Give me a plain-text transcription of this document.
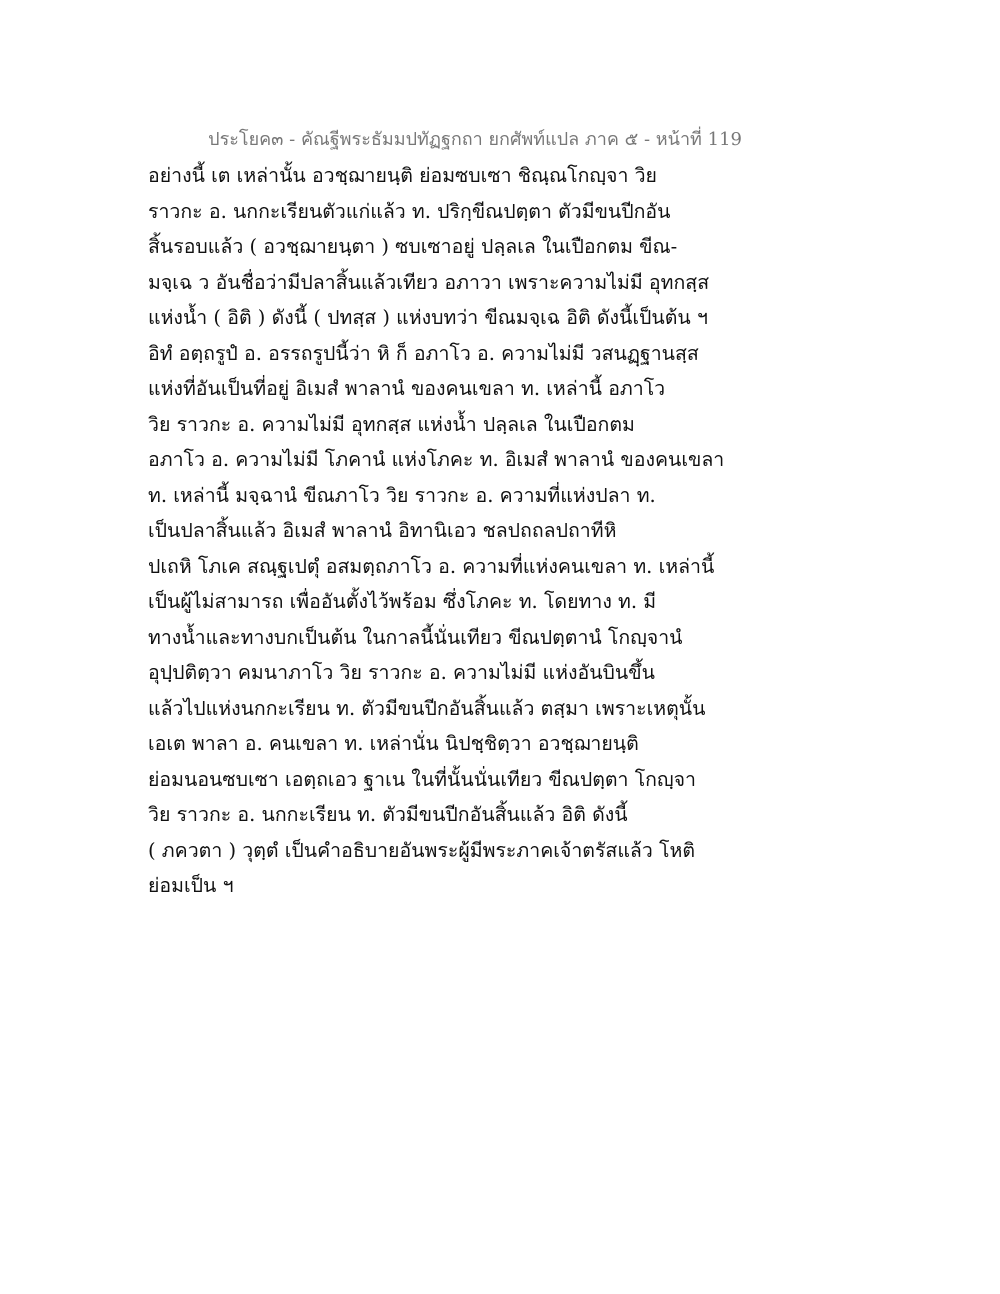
ประโยค๓ - คัณฐีพระธัมมปทัฏฐกถา ยกศัพท์แปล ภาค ๕ - หน้าที่ 119
อย่างนี้ เต เหล่านั้น อวชฺฌายนฺติ ย่อมซบเซา ชิณฺณโกญฺจา วิย
ราวกะ อ. นกกะเรียนตัวแก่แล้ว ท. ปริกฺขีณปตฺตา ตัวมีขนปีกอัน
สิ้นรอบแล้ว ( อวชฺฌายนฺตา ) ซบเซาอยู่ ปลฺลเล ในเปือกตม ขีณ-
มจฺเฉ ว อันชื่อว่ามีปลาสิ้นแล้วเทียว อภาวา เพราะความไม่มี อุทกสฺส
แห่งน้ำ ( อิติ ) ดังนี้ ( ปทสฺส ) แห่งบทว่า ขีณมจฺเฉ อิติ ดังนี้เป็นต้น ฯ
อิทํ อตฺถรูปํ อ. อรรถรูปนี้ว่า หิ ก็ อภาโว อ. ความไม่มี วสนฏฺฐานสฺส
แห่งที่อันเป็นที่อยู่ อิเมสํ พาลานํ ของคนเขลา ท. เหล่านี้ อภาโว
วิย ราวกะ อ. ความไม่มี อุทกสฺส แห่งน้ำ ปลฺลเล ในเปือกตม
อภาโว อ. ความไม่มี โภคานํ แห่งโภคะ ท. อิเมสํ พาลานํ ของคนเขลา
ท. เหล่านี้ มจฺฉานํ ขีณภาโว วิย ราวกะ อ. ความที่แห่งปลา ท.
เป็นปลาสิ้นแล้ว อิเมสํ พาลานํ อิทานิเอว ชลปถถลปถาทีหิ
ปเถหิ โภเค สณฺฐเปตุํ อสมตฺถภาโว อ. ความที่แห่งคนเขลา ท. เหล่านี้
เป็นผู้ไม่สามารถ เพื่ออันตั้งไว้พร้อม ซึ่งโภคะ ท. โดยทาง ท. มี
ทางน้ำและทางบกเป็นต้น ในกาลนี้นั่นเทียว ขีณปตฺตานํ โกญฺจานํ
อุปฺปติตฺวา คมนาภาโว วิย ราวกะ อ. ความไม่มี แห่งอันบินขึ้น
แล้วไปแห่งนกกะเรียน ท. ตัวมีขนปีกอันสิ้นแล้ว ตสฺมา เพราะเหตุนั้น
เอเต พาลา อ. คนเขลา ท. เหล่านั่น นิปชฺชิตฺวา อวชฺฌายนฺติ
ย่อมนอนซบเซา เอตฺถเอว ฐาเน ในที่นั้นนั่นเทียว ขีณปตฺตา โกญฺจา
วิย ราวกะ อ. นกกะเรียน ท. ตัวมีขนปีกอันสิ้นแล้ว อิติ ดังนี้
( ภควตา ) วุตฺตํ เป็นคำอธิบายอันพระผู้มีพระภาคเจ้าตรัสแล้ว โหติ
ย่อมเป็น ฯ
